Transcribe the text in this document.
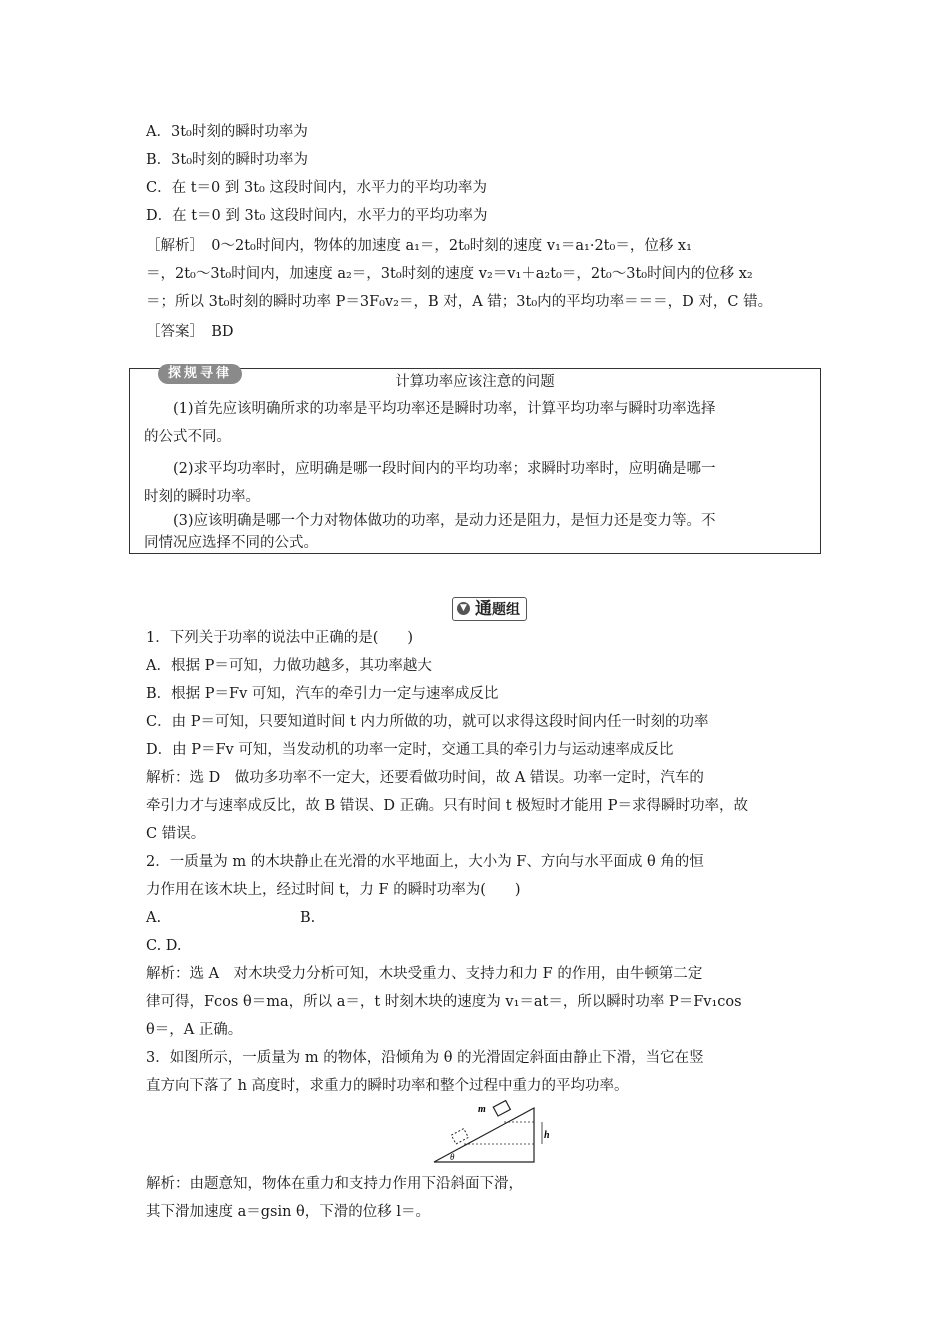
A．3t₀时刻的瞬时功率为
B．3t₀时刻的瞬时功率为
C．在 t＝0 到 3t₀ 这段时间内，水平力的平均功率为
D．在 t＝0 到 3t₀ 这段时间内，水平力的平均功率为
［解析］　0～2t₀时间内，物体的加速度 a₁＝，2t₀时刻的速度 v₁＝a₁·2t₀＝，位移 x₁
＝，2t₀～3t₀时间内，加速度 a₂＝，3t₀时刻的速度 v₂＝v₁＋a₂t₀＝，2t₀～3t₀时间内的位移 x₂
＝；所以 3t₀时刻的瞬时功率 P＝3F₀v₂＝，B 对，A 错；3t₀内的平均功率＝＝＝，D 对，C 错。
［答案］　BD
计算功率应该注意的问题
(1)首先应该明确所求的功率是平均功率还是瞬时功率，计算平均功率与瞬时功率选择
的公式不同。
(2)求平均功率时，应明确是哪一段时间内的平均功率；求瞬时功率时，应明确是哪一
时刻的瞬时功率。
(3)应该明确是哪一个力对物体做功的功率，是动力还是阻力，是恒力还是变力等。不
同情况应选择不同的公式。
探规寻律
▼ 通题组
1．下列关于功率的说法中正确的是(　　)
A．根据 P＝可知，力做功越多，其功率越大
B．根据 P＝Fv 可知，汽车的牵引力一定与速率成反比
C．由 P＝可知，只要知道时间 t 内力所做的功，就可以求得这段时间内任一时刻的功率
D．由 P＝Fv 可知，当发动机的功率一定时，交通工具的牵引力与运动速率成反比
解析：选 D　做功多功率不一定大，还要看做功时间，故 A 错误。功率一定时，汽车的
牵引力才与速率成反比，故 B 错误、D 正确。只有时间 t 极短时才能用 P＝求得瞬时功率，故
C 错误。
2．一质量为 m 的木块静止在光滑的水平地面上，大小为 F、方向与水平面成 θ 角的恒
力作用在该木块上，经过时间 t，力 F 的瞬时功率为(　　)
A.	B.
C. D.
解析：选 A　对木块受力分析可知，木块受重力、支持力和力 F 的作用，由牛顿第二定
律可得，Fcos θ＝ma，所以 a＝，t 时刻木块的速度为 v₁＝at＝，所以瞬时功率 P＝Fv₁cos
θ＝，A 正确。
3．如图所示，一质量为 m 的物体，沿倾角为 θ 的光滑固定斜面由静止下滑，当它在竖
直方向下落了 h 高度时，求重力的瞬时功率和整个过程中重力的平均功率。
m
h
θ
解析：由题意知，物体在重力和支持力作用下沿斜面下滑，
其下滑加速度 a＝gsin θ，下滑的位移 l＝。
